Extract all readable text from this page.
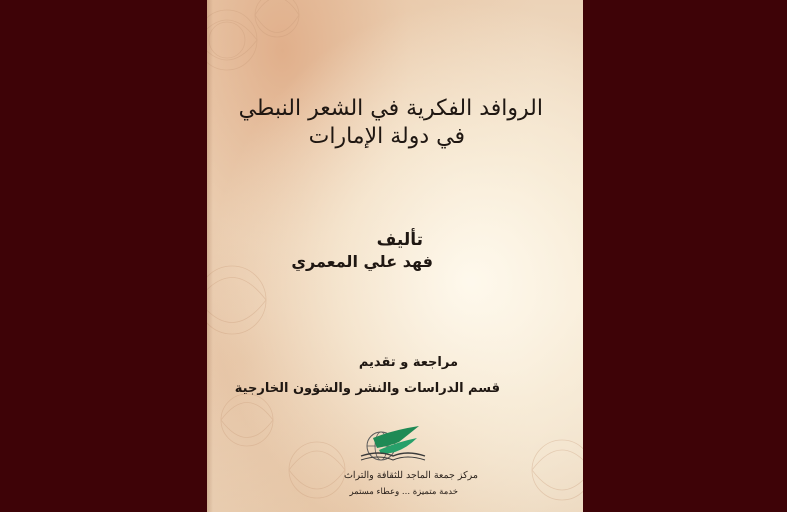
الروافد الفكرية في الشعر النبطي
في دولة الإمارات
تأليف
فهد علي المعمري
مراجعة و تقديم
قسم الدراسات والنشر والشؤون الخارجية
مركز جمعة الماجد للثقافة والتراث
خدمة متميزة ... وعطاء مستمر
